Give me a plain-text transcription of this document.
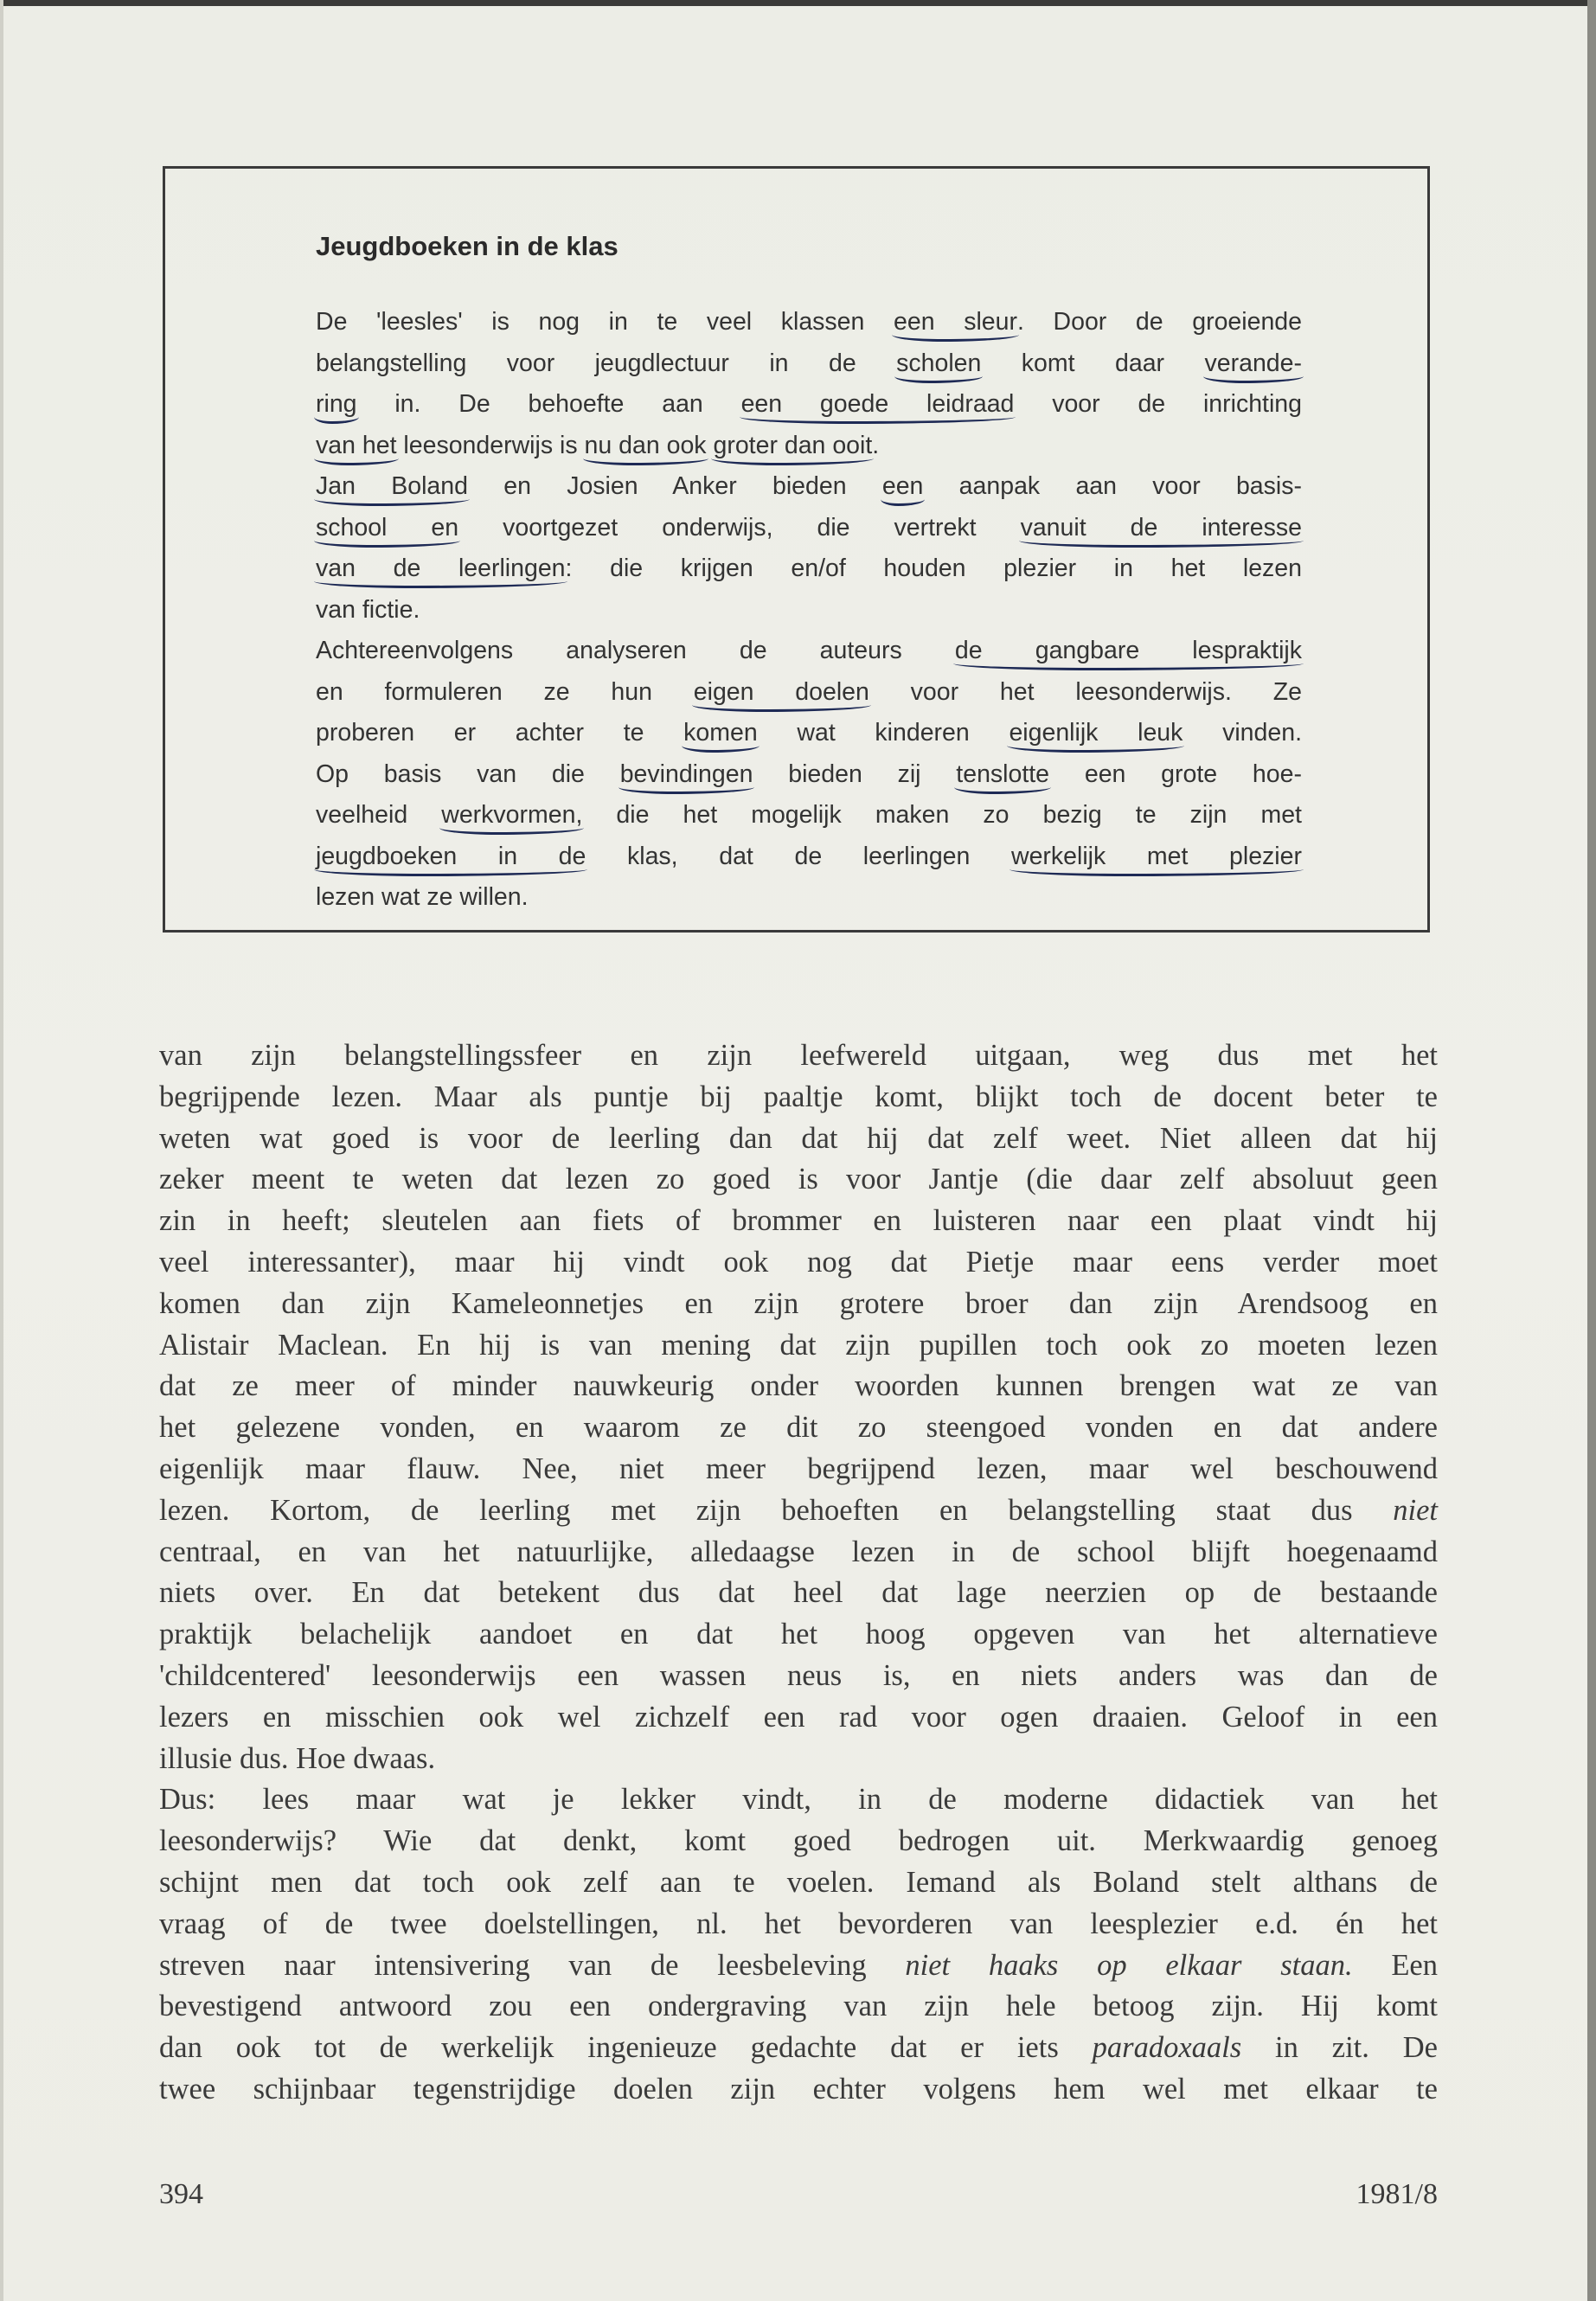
Jeugdboeken in de klas
De 'leesles' is nog in te veel klassen een sleur. Door de groeiende
belangstelling voor jeugdlectuur in de scholen komt daar verande-
ring in. De behoefte aan een goede leidraad voor de inrichting
van het leesonderwijs is nu dan ook groter dan ooit.
Jan Boland en Josien Anker bieden een aanpak aan voor basis-
school en voortgezet onderwijs, die vertrekt vanuit de interesse
van de leerlingen: die krijgen en/of houden plezier in het lezen
van fictie.
Achtereenvolgens analyseren de auteurs de gangbare lespraktijk
en formuleren ze hun eigen doelen voor het leesonderwijs. Ze
proberen er achter te komen wat kinderen eigenlijk leuk vinden.
Op basis van die bevindingen bieden zij tenslotte een grote hoe-
veelheid werkvormen, die het mogelijk maken zo bezig te zijn met
jeugdboeken in de klas, dat de leerlingen werkelijk met plezier
lezen wat ze willen.
van zijn belangstellingssfeer en zijn leefwereld uitgaan, weg dus met het
begrijpende lezen. Maar als puntje bij paaltje komt, blijkt toch de docent beter te
weten wat goed is voor de leerling dan dat hij dat zelf weet. Niet alleen dat hij
zeker meent te weten dat lezen zo goed is voor Jantje (die daar zelf absoluut geen
zin in heeft; sleutelen aan fiets of brommer en luisteren naar een plaat vindt hij
veel interessanter), maar hij vindt ook nog dat Pietje maar eens verder moet
komen dan zijn Kameleonnetjes en zijn grotere broer dan zijn Arendsoog en
Alistair Maclean. En hij is van mening dat zijn pupillen toch ook zo moeten lezen
dat ze meer of minder nauwkeurig onder woorden kunnen brengen wat ze van
het gelezene vonden, en waarom ze dit zo steengoed vonden en dat andere
eigenlijk maar flauw. Nee, niet meer begrijpend lezen, maar wel beschouwend
lezen. Kortom, de leerling met zijn behoeften en belangstelling staat dus niet
centraal, en van het natuurlijke, alledaagse lezen in de school blijft hoegenaamd
niets over. En dat betekent dus dat heel dat lage neerzien op de bestaande
praktijk belachelijk aandoet en dat het hoog opgeven van het alternatieve
'childcentered' leesonderwijs een wassen neus is, en niets anders was dan de
lezers en misschien ook wel zichzelf een rad voor ogen draaien. Geloof in een
illusie dus. Hoe dwaas.
Dus: lees maar wat je lekker vindt, in de moderne didactiek van het
leesonderwijs? Wie dat denkt, komt goed bedrogen uit. Merkwaardig genoeg
schijnt men dat toch ook zelf aan te voelen. Iemand als Boland stelt althans de
vraag of de twee doelstellingen, nl. het bevorderen van leesplezier e.d. én het
streven naar intensivering van de leesbeleving niet haaks op elkaar staan. Een
bevestigend antwoord zou een ondergraving van zijn hele betoog zijn. Hij komt
dan ook tot de werkelijk ingenieuze gedachte dat er iets paradoxaals in zit. De
twee schijnbaar tegenstrijdige doelen zijn echter volgens hem wel met elkaar te
394	1981/8
